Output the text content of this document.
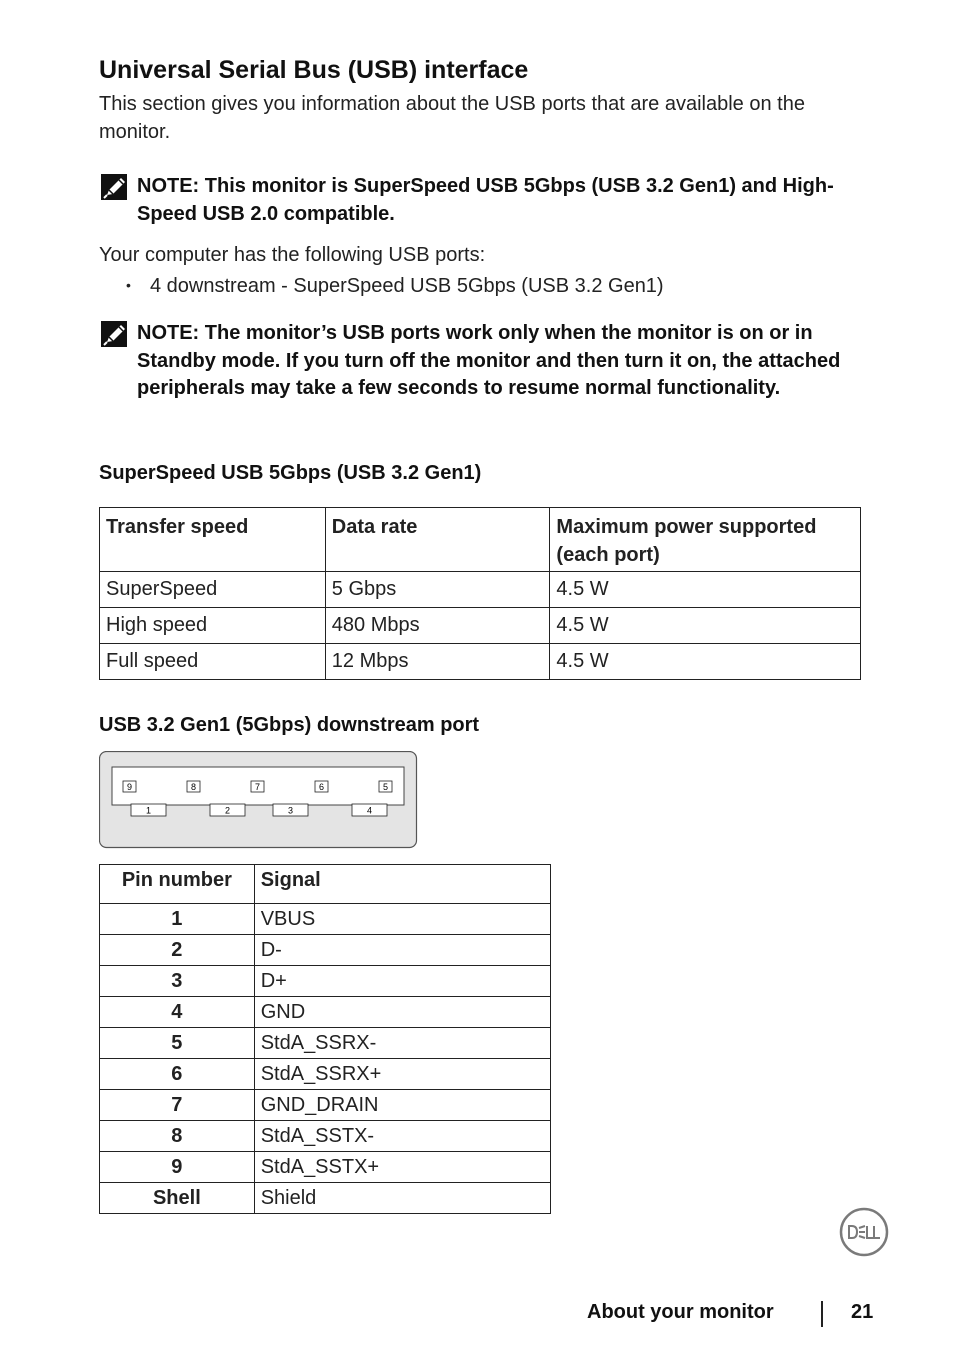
Universal Serial Bus (USB) interface

This section gives you information about the USB ports that are available on the monitor.

NOTE: This monitor is SuperSpeed USB 5Gbps (USB 3.2 Gen1) and High-Speed USB 2.0 compatible.

Your computer has the following USB ports:

• 4 downstream - SuperSpeed USB 5Gbps (USB 3.2 Gen1)
NOTE: The monitor’s USB ports work only when the monitor is on or in Standby mode. If you turn off the monitor and then turn it on, the attached peripherals may take a few seconds to resume normal functionality.
SuperSpeed USB 5Gbps (USB 3.2 Gen1)
Transfer speed	Data rate	Maximum power supported (each port)
SuperSpeed	5 Gbps	4.5 W
High speed	480 Mbps	4.5 W
Full speed	12 Mbps	4.5 W
USB 3.2 Gen1 (5Gbps) downstream port
9	8	7	6	5
1	2	3	4
Pin number	Signal
1	VBUS
2	D-
3	D+
4	GND
5	StdA_SSRX-
6	StdA_SSRX+
7	GND_DRAIN
8	StdA_SSTX-
9	StdA_SSTX+
Shell	Shield
About your monitor	21
